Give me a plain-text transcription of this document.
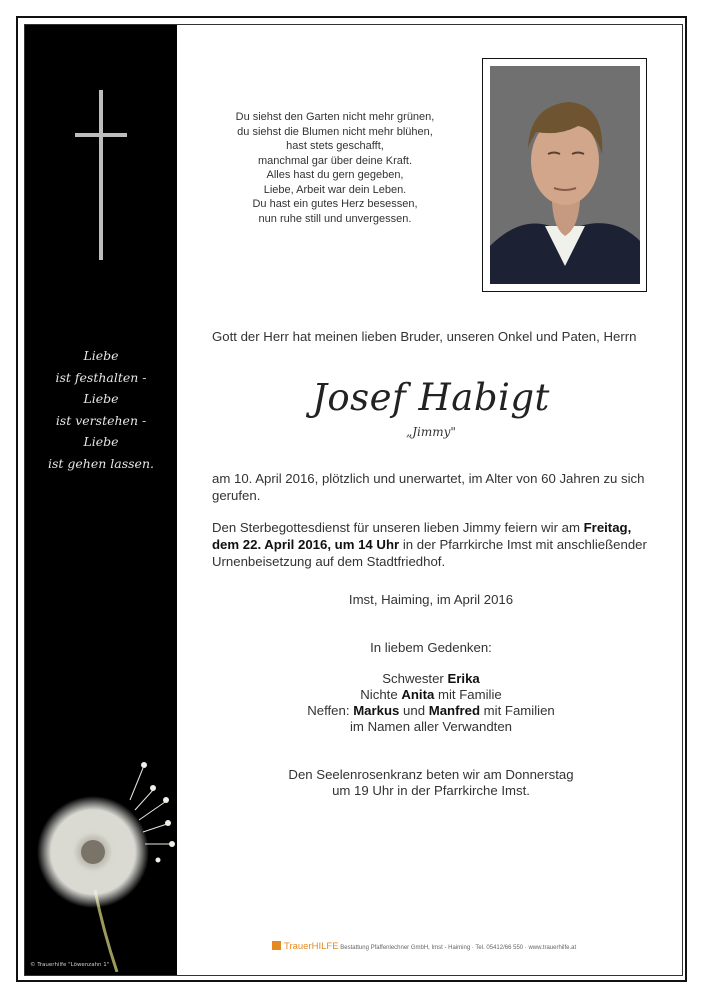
Liebe
ist festhalten -
Liebe
ist verstehen -
Liebe
ist gehen lassen.
© Trauerhilfe "Löwenzahn 1"
Du siehst den Garten nicht mehr grünen,
du siehst die Blumen nicht mehr blühen,
hast stets geschafft,
manchmal gar über deine Kraft.
Alles hast du gern gegeben,
Liebe, Arbeit war dein Leben.
Du hast ein gutes Herz besessen,
nun ruhe still und unvergessen.
Gott der Herr hat meinen lieben Bruder, unseren Onkel und Paten, Herrn
Josef Habigt
„Jimmy"
am 10. April 2016, plötzlich und unerwartet, im Alter von 60 Jahren zu sich gerufen.
Den Sterbegottesdienst für unseren lieben Jimmy feiern wir am Freitag, dem 22. April 2016, um 14 Uhr in der Pfarrkirche Imst mit anschließender Urnenbeisetzung auf dem Stadtfriedhof.
Imst, Haiming, im April 2016
In liebem Gedenken:
Schwester Erika
Nichte Anita mit Familie
Neffen: Markus und Manfred mit Familien
im Namen aller Verwandten
Den Seelenrosenkranz beten wir am Donnerstag
um 19 Uhr in der Pfarrkirche Imst.
TrauerHILFE Bestattung Pfaffenlechner GmbH, Imst - Haiming · Tel. 05412/66 550 · www.trauerhilfe.at
